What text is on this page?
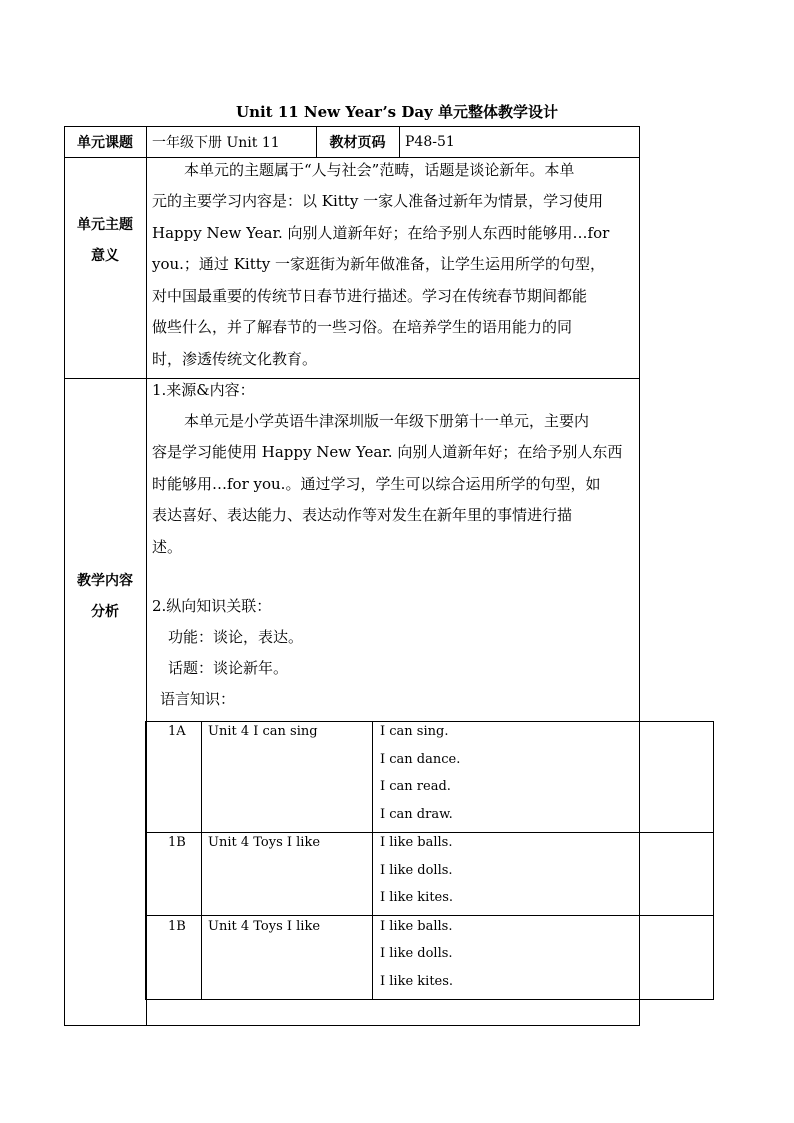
Unit 11 New Year’s Day 单元整体教学设计
单元课题	一年级下册 Unit 11	教材页码	P48-51
单元主题
意义
本单元的主题属于“人与社会”范畴，话题是谈论新年。本单
元的主要学习内容是：以 Kitty 一家人准备过新年为情景，学习使用
Happy New Year. 向别人道新年好；在给予别人东西时能够用…for
you.；通过 Kitty 一家逛街为新年做准备，让学生运用所学的句型，
对中国最重要的传统节日春节进行描述。学习在传统春节期间都能
做些什么，并了解春节的一些习俗。在培养学生的语用能力的同
时，渗透传统文化教育。
教学内容
分析
1.来源&内容：
本单元是小学英语牛津深圳版一年级下册第十一单元，主要内
容是学习能使用 Happy New Year. 向别人道新年好；在给予别人东西
时能够用…for you.。通过学习，学生可以综合运用所学的句型，如
表达喜好、表达能力、表达动作等对发生在新年里的事情进行描
述。
2.纵向知识关联：
功能：谈论，表达。
话题：谈论新年。
语言知识：
1A Unit 4 I can sing	I can sing.
I can dance.
I can read.
I can draw.
1B Unit 4 Toys I like	I like balls.
I like dolls.
I like kites.
1B Unit 4 Toys I like	I like balls.
I like dolls.
I like kites.
